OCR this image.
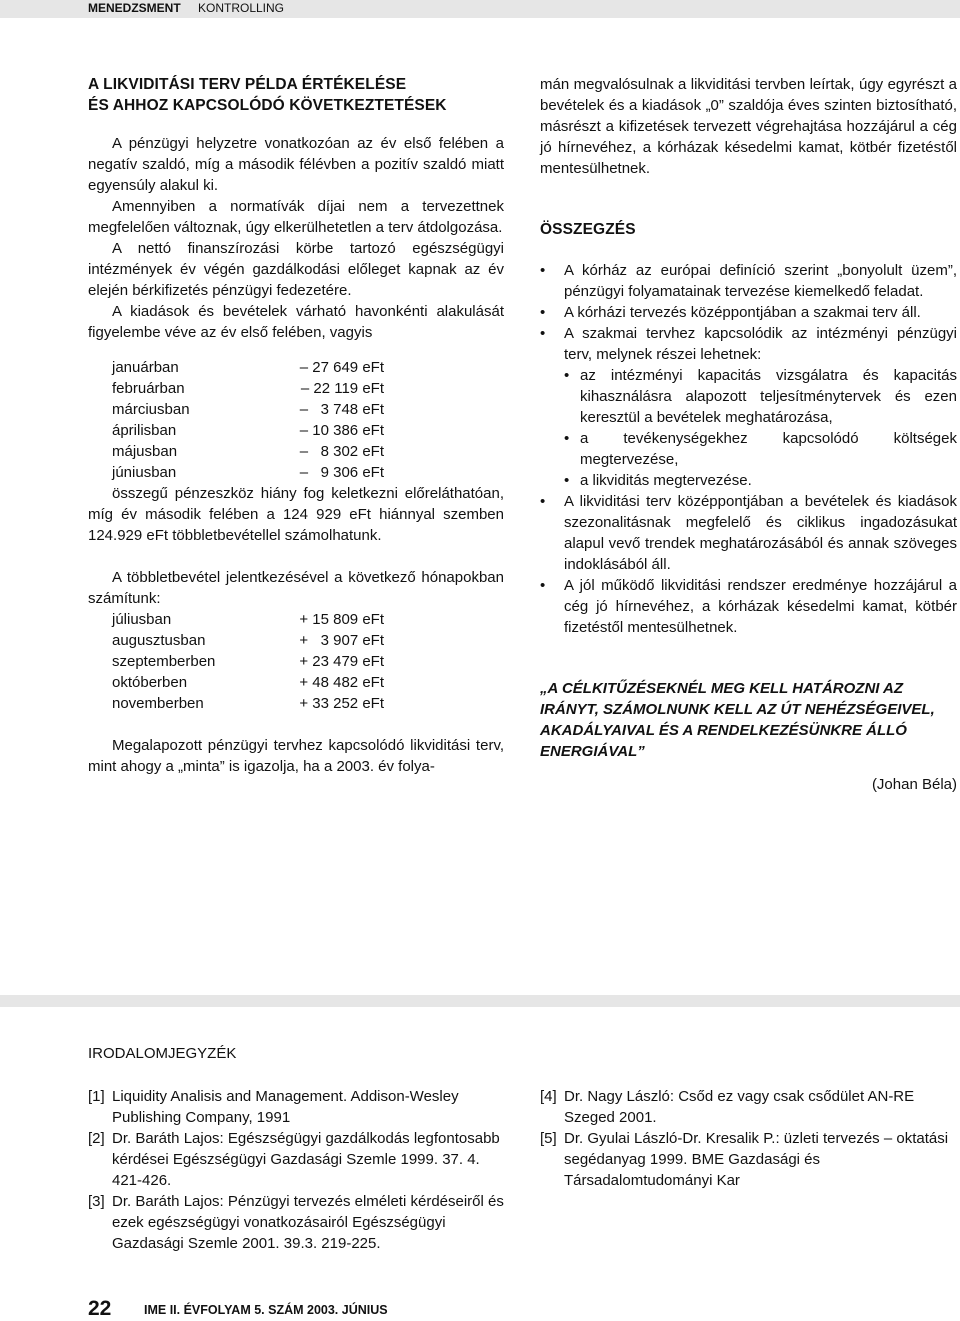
MENEDZSMENT KONTROLLING
A LIKVIDITÁSI TERV PÉLDA ÉRTÉKELÉSE
ÉS AHHOZ KAPCSOLÓDÓ KÖVETKEZTETÉSEK

A pénzügyi helyzetre vonatkozóan az év első felében a negatív szaldó, míg a második félévben a pozitív szaldó miatt egyensúly alakul ki.

Amennyiben a normatívák díjai nem a tervezettnek megfelelően változnak, úgy elkerülhetetlen a terv átdolgozása.

A nettó finanszírozási körbe tartozó egészségügyi intézmények év végén gazdálkodási előleget kapnak az év elején bérkifizetés pénzügyi fedezetére.

A kiadások és bevételek várható havonkénti alakulását figyelembe véve az év első felében, vagyis

januárban	– 27 649 eFt
februárban	– 22 119 eFt
márciusban	–   3 748 eFt
áprilisban	– 10 386 eFt
májusban	–   8 302 eFt
júniusban	–   9 306 eFt

összegű pénzeszköz hiány fog keletkezni előreláthatóan, míg év második felében a 124 929 eFt hiánnyal szemben 124.929 eFt többletbevétellel számolhatunk.

A többletbevétel jelentkezésével a következő hónapokban számítunk:

júliusban	+ 15 809 eFt
augusztusban	+   3 907 eFt
szeptemberben	+ 23 479 eFt
októberben	+ 48 482 eFt
novemberben	+ 33 252 eFt

Megalapozott pénzügyi tervhez kapcsolódó likviditási terv, mint ahogy a „minta” is igazolja, ha a 2003. év folya-

mán megvalósulnak a likviditási tervben leírtak, úgy egyrészt a bevételek és a kiadások „0” szaldója éves szinten biztosítható, másrészt a kifizetések tervezett végrehajtása hozzájárul a cég jó hírnevéhez, a kórházak késedelmi kamat, kötbér fizetéstől mentesülhetnek.

ÖSSZEGZÉS
• A kórház az európai definíció szerint „bonyolult üzem”, pénzügyi folyamatainak tervezése kiemelkedő feladat.
• A kórházi tervezés középpontjában a szakmai terv áll.
• A szakmai tervhez kapcsolódik az intézményi pénzügyi terv, melynek részei lehetnek:
• az intézményi kapacitás vizsgálatra és kapacitás kihasználásra alapozott teljesítménytervek és ezen keresztül a bevételek meghatározása,
• a tevékenységekhez kapcsolódó költségek megtervezése,
• a likviditás megtervezése.
• A likviditási terv középpontjában a bevételek és kiadások szezonalitásnak megfelelő és ciklikus ingadozásukat alapul vevő trendek meghatározásából és annak szöveges indoklásából áll.
• A jól működő likviditási rendszer eredménye hozzájárul a cég jó hírnevéhez, a kórházak késedelmi kamat, kötbér fizetéstől mentesülhetnek.

„A CÉLKITŰZÉSEKNÉL MEG KELL HATÁROZNI AZ IRÁNYT, SZÁMOLNUNK KELL AZ ÚT NEHÉZSÉGEIVEL, AKADÁLYAIVAL ÉS A RENDELKEZÉSÜNKRE ÁLLÓ ENERGIÁVAL”

(Johan Béla)

IRODALOMJEGYZÉK
[1] Liquidity Analisis and Management. Addison-Wesley Publishing Company, 1991
[2] Dr. Baráth Lajos: Egészségügyi gazdálkodás legfontosabb kérdései Egészségügyi Gazdasági Szemle 1999. 37. 4. 421-426.
[3] Dr. Baráth Lajos: Pénzügyi tervezés elméleti kérdéseiről és ezek egészségügyi vonatkozásairól Egészségügyi Gazdasági Szemle 2001. 39.3. 219-225.
[4] Dr. Nagy László: Csőd ez vagy csak csődület AN-RE Szeged 2001.
[5] Dr. Gyulai László-Dr. Kresalik P.: üzleti tervezés – oktatási segédanyag 1999. BME Gazdasági és Társadalomtudományi Kar
22	IME II. ÉVFOLYAM 5. SZÁM 2003. JÚNIUS
